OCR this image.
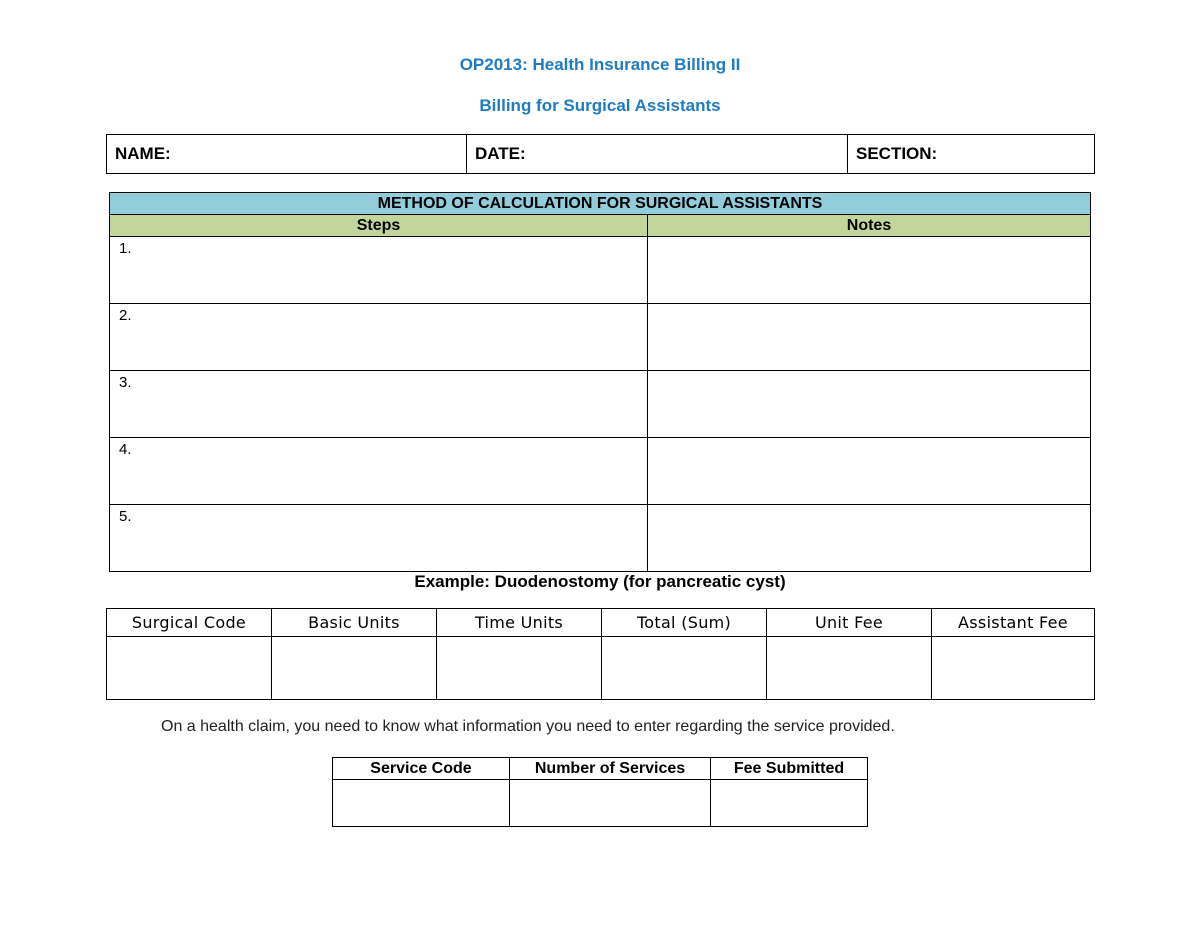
OP2013: Health Insurance Billing II
Billing for Surgical Assistants
NAME:	DATE:	SECTION:
METHOD OF CALCULATION FOR SURGICAL ASSISTANTS	
Steps	Notes
1.	
2.	
3.	
4.	
5.	
Example: Duodenostomy (for pancreatic cyst)
Surgical Code	Basic Units	Time Units	Total (Sum)	Unit Fee	Assistant Fee

On a health claim, you need to know what information you need to enter regarding the service provided.
Service Code	Number of Services	Fee Submitted
